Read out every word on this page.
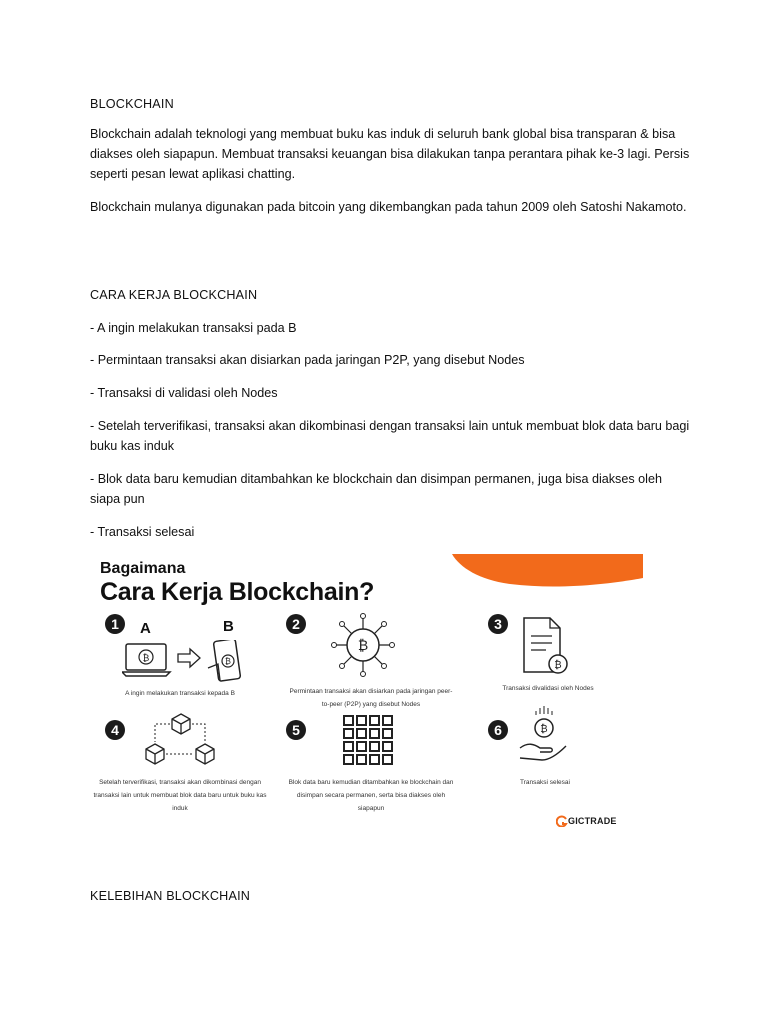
BLOCKCHAIN

Blockchain adalah teknologi yang membuat buku kas induk di seluruh bank global bisa transparan & bisa diakses oleh siapapun. Membuat transaksi keuangan bisa dilakukan tanpa perantara pihak ke-3 lagi. Persis seperti pesan lewat aplikasi chatting.

Blockchain mulanya digunakan pada bitcoin yang dikembangkan pada tahun 2009 oleh Satoshi Nakamoto.

CARA KERJA BLOCKCHAIN

- A ingin melakukan transaksi pada B

- Permintaan transaksi akan disiarkan pada jaringan P2P, yang disebut Nodes

- Transaksi di validasi oleh Nodes

- Setelah terverifikasi, transaksi akan dikombinasi dengan transaksi lain untuk membuat blok data baru bagi buku kas induk

- Blok data baru kemudian ditambahkan ke blockchain dan disimpan permanen, juga bisa diakses oleh siapa pun

- Transaksi selesai

Bagaimana
Cara Kerja Blockchain?
1	A	B
₿	₿
A ingin melakukan transaksi kepada B
2
₿
Permintaan transaksi akan disiarkan pada jaringan peer-to-peer (P2P) yang disebut Nodes
3
₿
Transaksi divalidasi oleh Nodes
4
Setelah terverifikasi, transaksi akan dikombinasi dengan transaksi lain untuk membuat blok data baru untuk buku kas induk
5
Blok data baru kemudian ditambahkan ke blockchain dan disimpan secara permanen, serta bisa diakses oleh siapapun
6	₿
Transaksi selesai
GICTRADE

KELEBIHAN BLOCKCHAIN
